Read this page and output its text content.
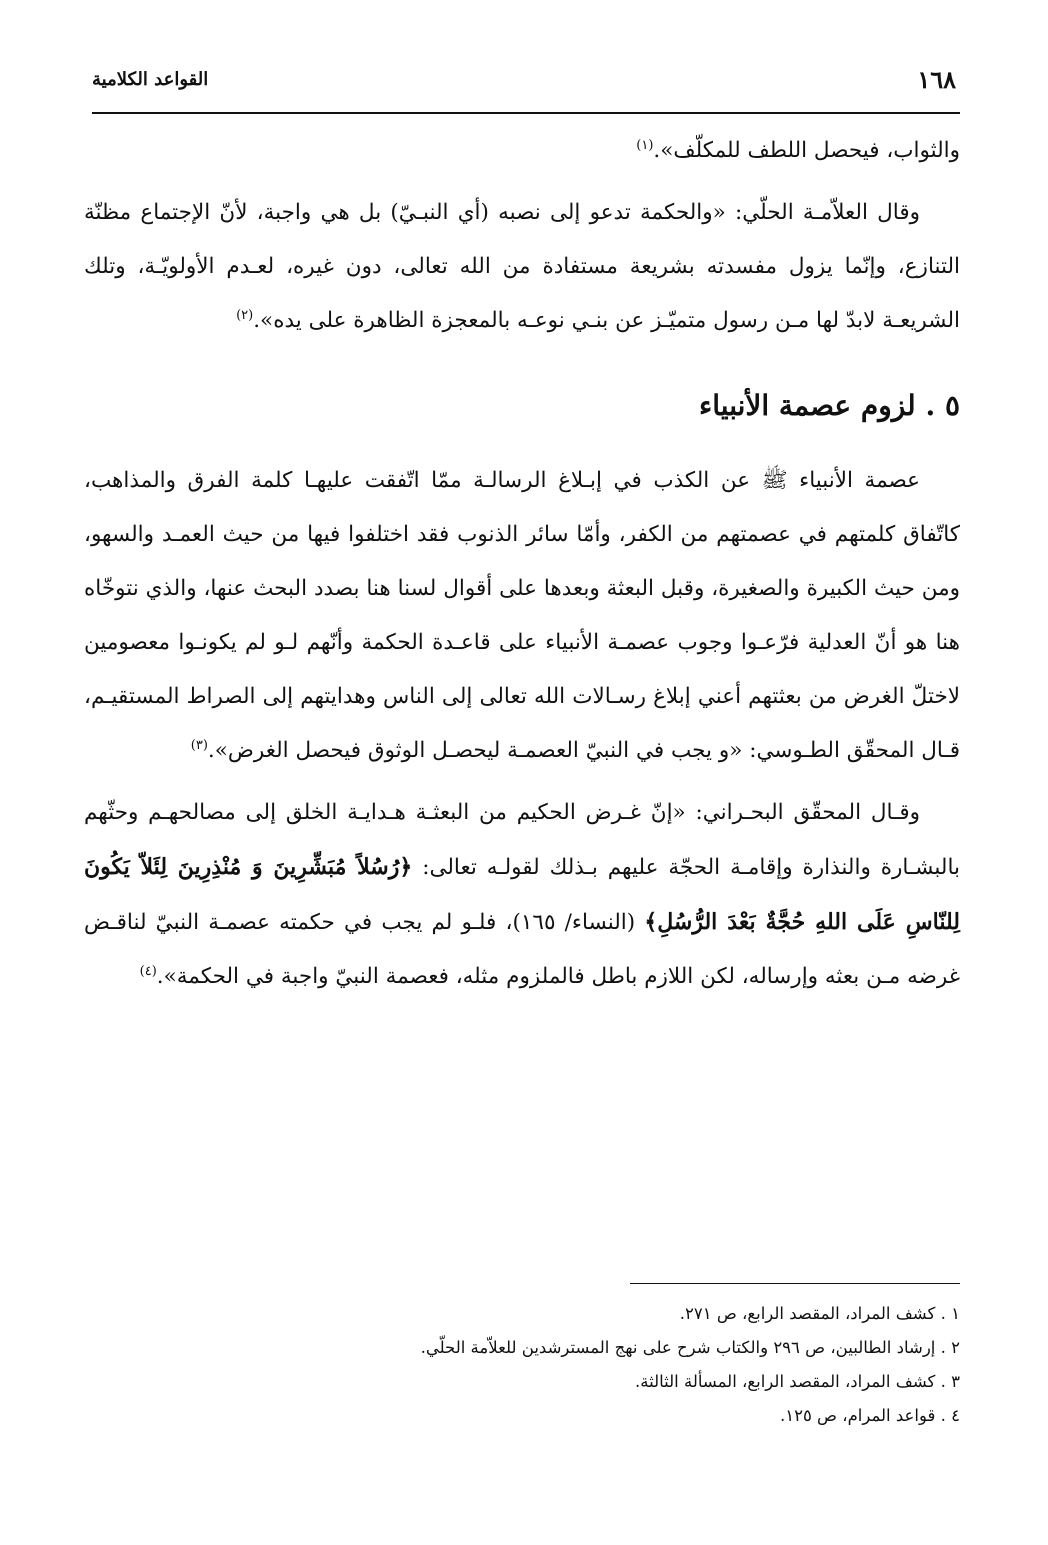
١٦٨
القواعد الكلامية

والثواب، فيحصل اللطف للمكلّف».$^{(١)}$

وقال العلاّمـة الحلّي: «والحكمة تدعو إلى نصبه (أي النبـيّ) بل هي واجبة، لأنّ الإجتماع مظنّة التنازع، وإنّما يزول مفسدته بشريعة مستفادة من الله تعالى، دون غيره، لعـدم الأولويّـة، وتلك الشريعـة لابدّ لها مـن رسول متميّـز عن بنـي نوعـه بالمعجزة الظاهرة على يده».$^{(٢)}$

٥ . لزوم عصمة الأنبياء

عصمة الأنبياء ﷺ عن الكذب في إبـلاغ الرسالـة ممّا اتّفقت عليهـا كلمة الفرق والمذاهب، كاتّفاق كلمتهم في عصمتهم من الكفر، وأمّا سائر الذنوب فقد اختلفوا فيها من حيث العمـد والسهو، ومن حيث الكبيرة والصغيرة، وقبل البعثة وبعدها على أقوال لسنا هنا بصدد البحث عنها، والذي نتوخّاه هنا هو أنّ العدلية فرّعـوا وجوب عصمـة الأنبياء على قاعـدة الحكمة وأنّهم لـو لم يكونـوا معصومين لاختلّ الغرض من بعثتهم أعني إبلاغ رسـالات الله تعالى إلى الناس وهدايتهم إلى الصراط المستقيـم، قـال المحقّق الطـوسي: «و يجب في النبيّ العصمـة ليحصـل الوثوق فيحصل الغرض».$^{(٣)}$

وقـال المحقّق البحـراني: «إنّ غـرض الحكيم من البعثـة هـدايـة الخلق إلى مصالحهـم وحثّهم بالبشـارة والنذارة وإقامـة الحجّة عليهم بـذلك لقولـه تعالى: ﴿رُسُلاً مُبَشِّرِينَ وَ مُنْذِرِينَ لِئَلاّ يَكُونَ لِلنّاسِ عَلَى اللهِ حُجَّةٌ بَعْدَ الرُّسُلِ﴾ (النساء/ ١٦٥)، فلـو لم يجب في حكمته عصمـة النبيّ لناقـض غرضه مـن بعثه وإرساله، لكن اللازم باطل فالملزوم مثله، فعصمة النبيّ واجبة في الحكمة».$^{(٤)}$

١ . كشف المراد، المقصد الرابع، ص ٢٧١.

٢ . إرشاد الطالبين، ص ٢٩٦ والكتاب شرح على نهج المسترشدين للعلاّمة الحلّي.

٣ . كشف المراد، المقصد الرابع، المسألة الثالثة.

٤ . قواعد المرام، ص ١٢٥.
